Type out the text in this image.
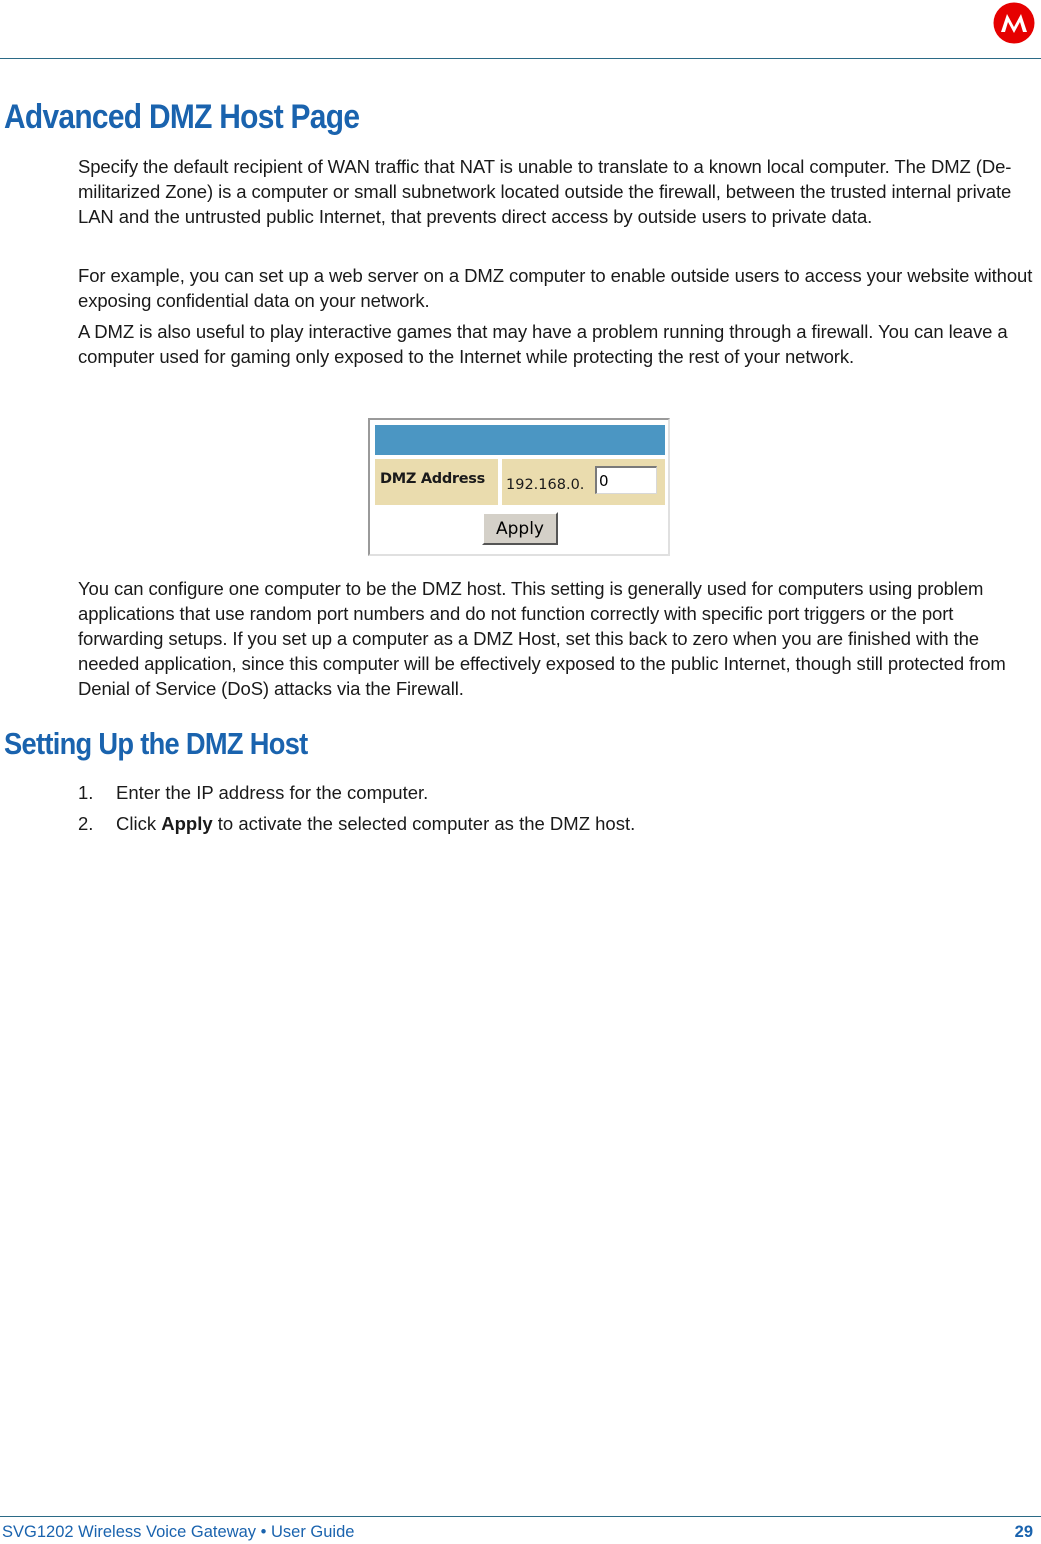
Advanced DMZ Host Page

Specify the default recipient of WAN traffic that NAT is unable to translate to a known local computer. The DMZ (De-militarized Zone) is a computer or small subnetwork located outside the firewall, between the trusted internal private LAN and the untrusted public Internet, that prevents direct access by outside users to private data.

For example, you can set up a web server on a DMZ computer to enable outside users to access your website without exposing confidential data on your network.

A DMZ is also useful to play interactive games that may have a problem running through a firewall. You can leave a computer used for gaming only exposed to the Internet while protecting the rest of your network.

DMZ Address 192.168.0.
0
Apply

You can configure one computer to be the DMZ host. This setting is generally used for computers using problem applications that use random port numbers and do not function correctly with specific port triggers or the port forwarding setups. If you set up a computer as a DMZ Host, set this back to zero when you are finished with the needed application, since this computer will be effectively exposed to the public Internet, though still protected from Denial of Service (DoS) attacks via the Firewall.

Setting Up the DMZ Host
1. Enter the IP address for the computer.
2. Click Apply to activate the selected computer as the DMZ host.
SVG1202 Wireless Voice Gateway • User Guide	29
